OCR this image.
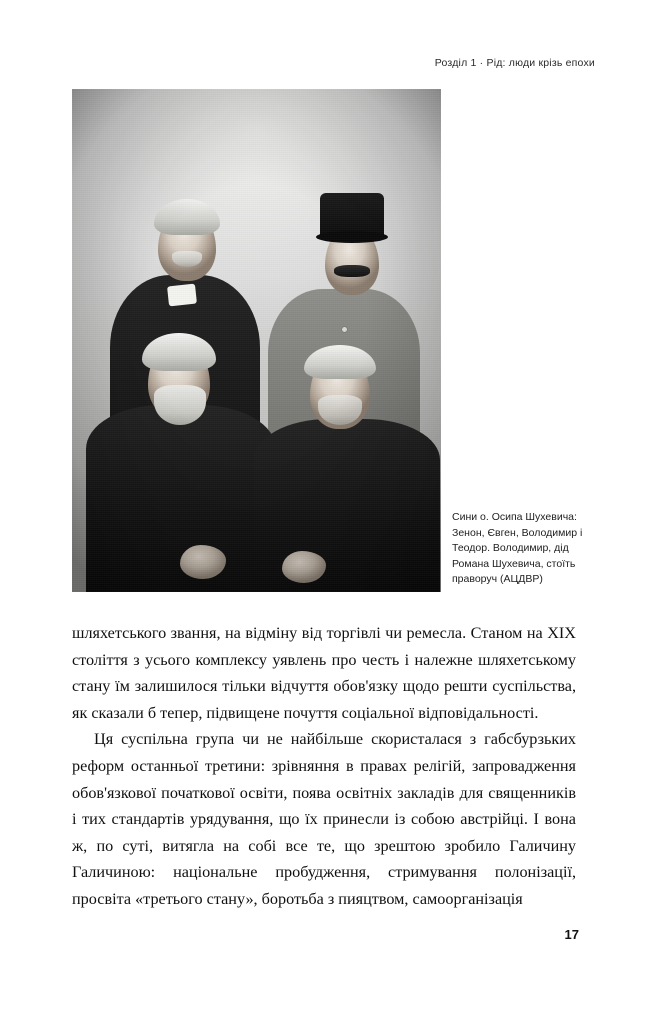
Розділ 1 · Рід: люди крізь епохи
Сини о. Осипа Шухевича: Зенон, Євген, Володимир і Теодор. Володимир, дід Романа Шухевича, стоїть праворуч (АЦДВР)

шляхетського звання, на відміну від торгівлі чи ремесла. Станом на XIX століття з усього комплексу уявлень про честь і належне шляхетському стану їм залишилося тільки відчуття обов'язку щодо решти суспільства, як сказали б тепер, підвищене почуття соціальної відповідальності.

Ця суспільна група чи не найбільше скористалася з габсбурзьких реформ останньої третини: зрівняння в правах релігій, запровадження обов'язкової початкової освіти, поява освітніх закладів для священників і тих стандартів урядування, що їх принесли із собою австрійці. І вона ж, по суті, витягла на собі все те, що зрештою зробило Галичину Галичиною: національне пробудження, стримування полонізації, просвіта «третього стану», боротьба з пияцтвом, самоорганізація

17
